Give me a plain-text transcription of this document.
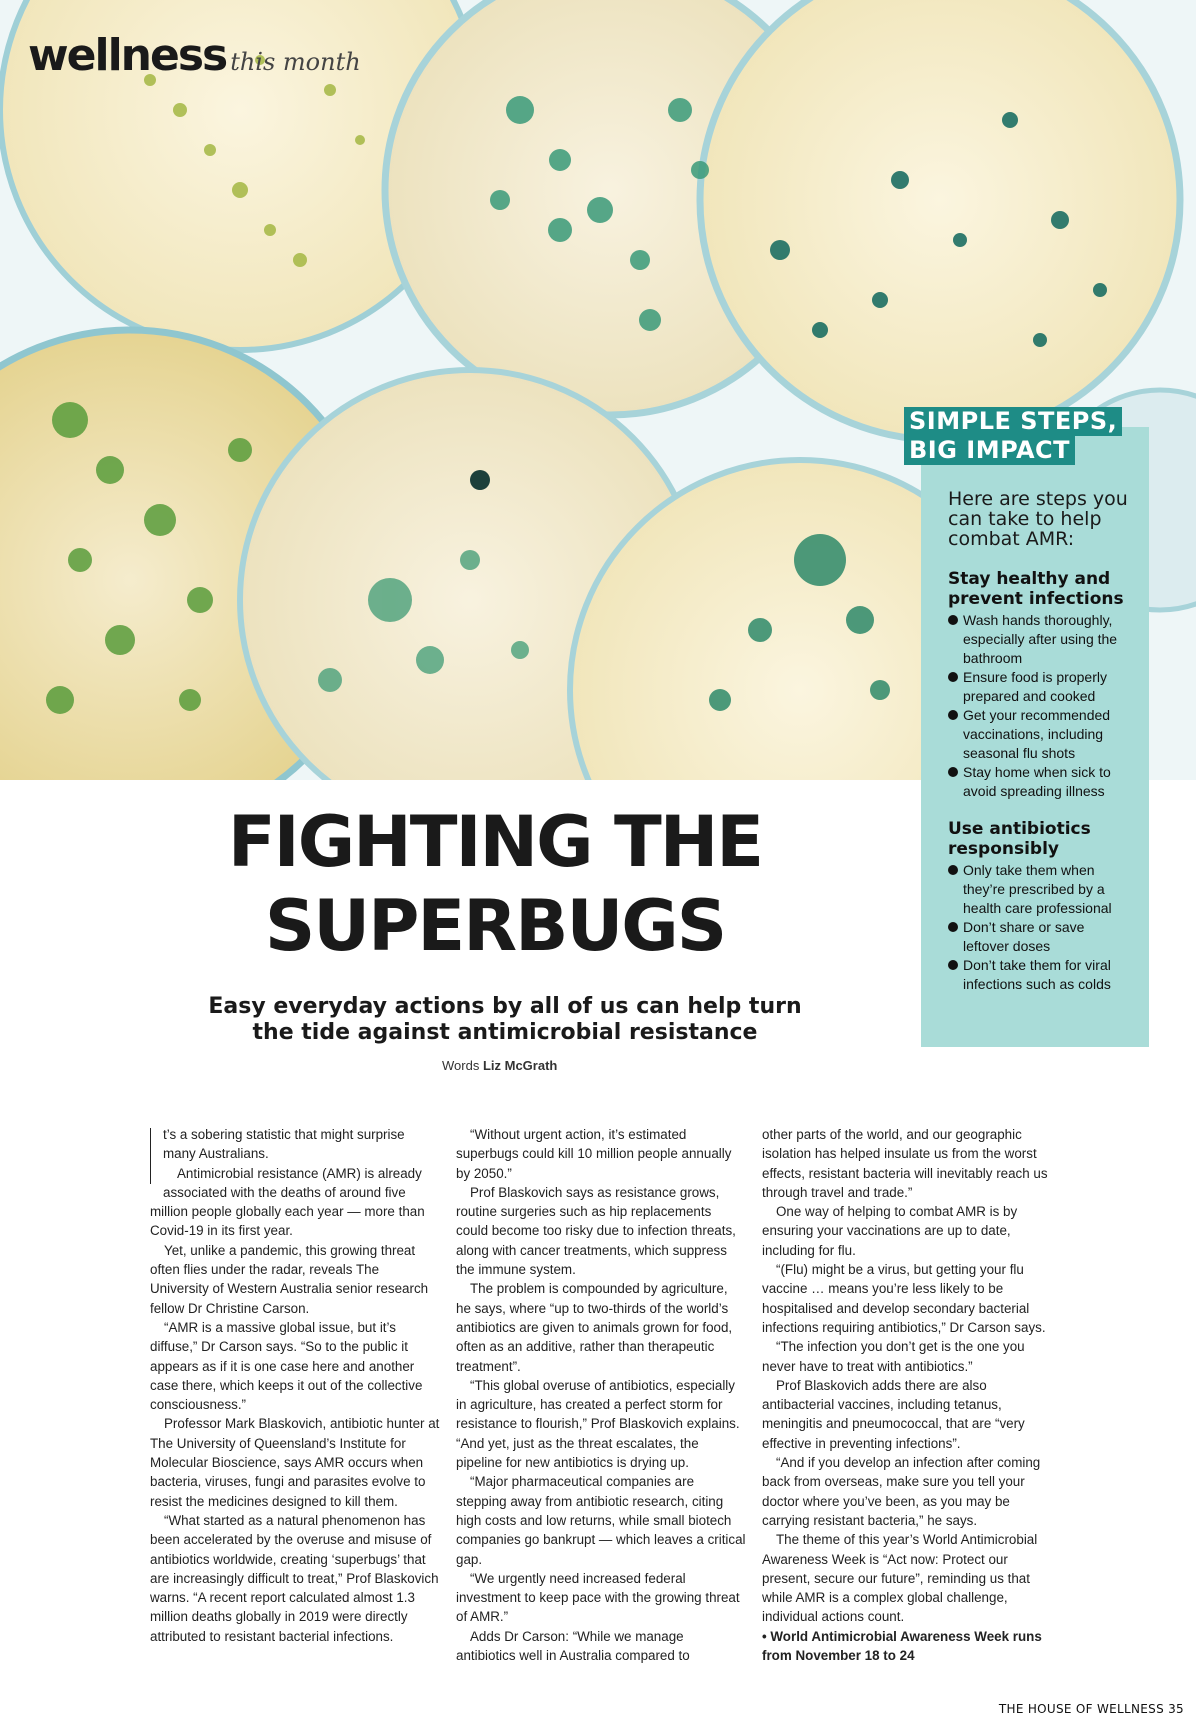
wellness this month
SIMPLE STEPS,
BIG IMPACT

Here are steps you can take to help combat AMR:

Stay healthy and prevent infections
Wash hands thoroughly, especially after using the bathroom
Ensure food is properly prepared and cooked
Get your recommended vaccinations, including seasonal flu shots
Stay home when sick to avoid spreading illness
Use antibiotics responsibly
Only take them when they’re prescribed by a health care professional
Don’t share or save leftover doses
Don’t take them for viral infections such as colds
FIGHTING THE
SUPERBUGS

Easy everyday actions by all of us can help turn the tide against antimicrobial resistance

Words Liz McGrath

t’s a sobering statistic that might surprise many Australians.

Antimicrobial resistance (AMR) is already associated with the deaths of around five million people globally each year — more than Covid-19 in its first year.

Yet, unlike a pandemic, this growing threat often flies under the radar, reveals The University of Western Australia senior research fellow Dr Christine Carson.

“AMR is a massive global issue, but it’s diffuse,” Dr Carson says. “So to the public it appears as if it is one case here and another case there, which keeps it out of the collective consciousness.”

Professor Mark Blaskovich, antibiotic hunter at The University of Queensland’s Institute for Molecular Bioscience, says AMR occurs when bacteria, viruses, fungi and parasites evolve to resist the medicines designed to kill them.

“What started as a natural phenomenon has been accelerated by the overuse and misuse of antibiotics worldwide, creating ‘superbugs’ that are increasingly difficult to treat,” Prof Blaskovich warns. “A recent report calculated almost 1.3 million deaths globally in 2019 were directly attributed to resistant bacterial infections.

“Without urgent action, it’s estimated superbugs could kill 10 million people annually by 2050.”

Prof Blaskovich says as resistance grows, routine surgeries such as hip replacements could become too risky due to infection threats, along with cancer treatments, which suppress the immune system.

The problem is compounded by agriculture, he says, where “up to two-thirds of the world’s antibiotics are given to animals grown for food, often as an additive, rather than therapeutic treatment”.

“This global overuse of antibiotics, especially in agriculture, has created a perfect storm for resistance to flourish,” Prof Blaskovich explains. “And yet, just as the threat escalates, the pipeline for new antibiotics is drying up.

“Major pharmaceutical companies are stepping away from antibiotic research, citing high costs and low returns, while small biotech companies go bankrupt — which leaves a critical gap.

“We urgently need increased federal investment to keep pace with the growing threat of AMR.”

Adds Dr Carson: “While we manage antibiotics well in Australia compared to

other parts of the world, and our geographic isolation has helped insulate us from the worst effects, resistant bacteria will inevitably reach us through travel and trade.”

One way of helping to combat AMR is by ensuring your vaccinations are up to date, including for flu.

“(Flu) might be a virus, but getting your flu vaccine … means you’re less likely to be hospitalised and develop secondary bacterial infections requiring antibiotics,” Dr Carson says.

“The infection you don’t get is the one you never have to treat with antibiotics.”

Prof Blaskovich adds there are also antibacterial vaccines, including tetanus, meningitis and pneumococcal, that are “very effective in preventing infections”.

“And if you develop an infection after coming back from overseas, make sure you tell your doctor where you’ve been, as you may be carrying resistant bacteria,” he says.

The theme of this year’s World Antimicrobial Awareness Week is “Act now: Protect our present, secure our future”, reminding us that while AMR is a complex global challenge, individual actions count.

• World Antimicrobial Awareness Week runs from November 18 to 24

THE HOUSE OF WELLNESS 35
